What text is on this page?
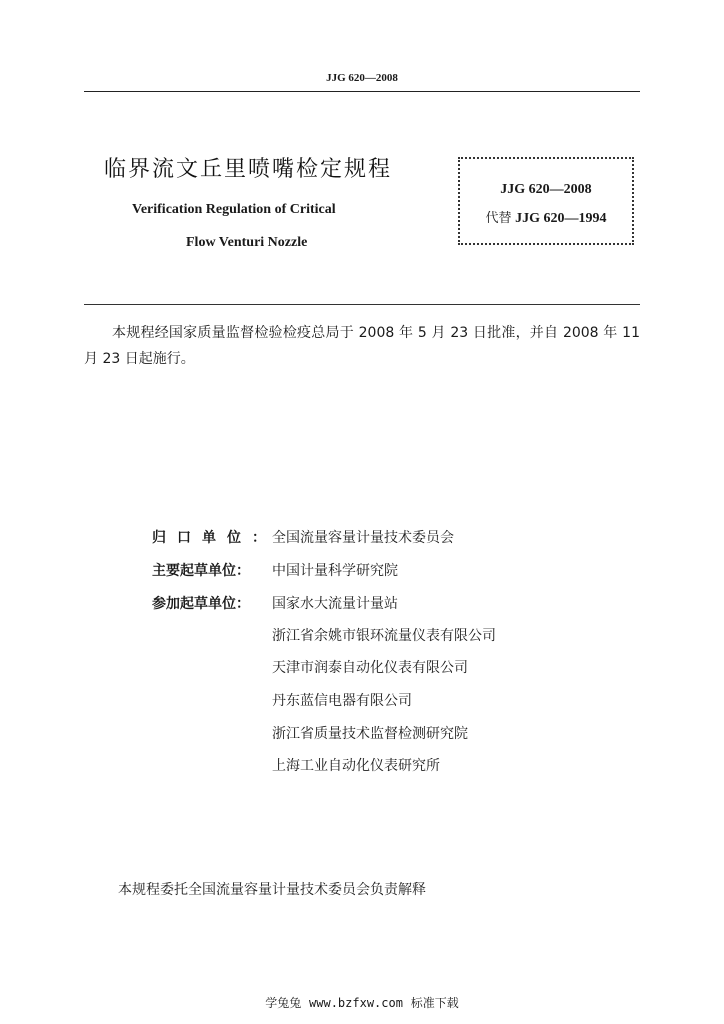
JJG 620—2008
临界流文丘里喷嘴检定规程
Verification Regulation of Critical
Flow Venturi Nozzle
JJG 620—2008
代替 JJG 620—1994
本规程经国家质量监督检验检疫总局于 2008 年 5 月 23 日批准，并自 2008 年 11 月 23 日起施行。
归口单位：
全国流量容量计量技术委员会
主要起草单位： 中国计量科学研究院
参加起草单位： 国家水大流量计量站
浙江省余姚市银环流量仪表有限公司
天津市润泰自动化仪表有限公司
丹东蓝信电器有限公司
浙江省质量技术监督检测研究院
上海工业自动化仪表研究所
本规程委托全国流量容量计量技术委员会负责解释
学兔兔 www.bzfxw.com 标准下载
